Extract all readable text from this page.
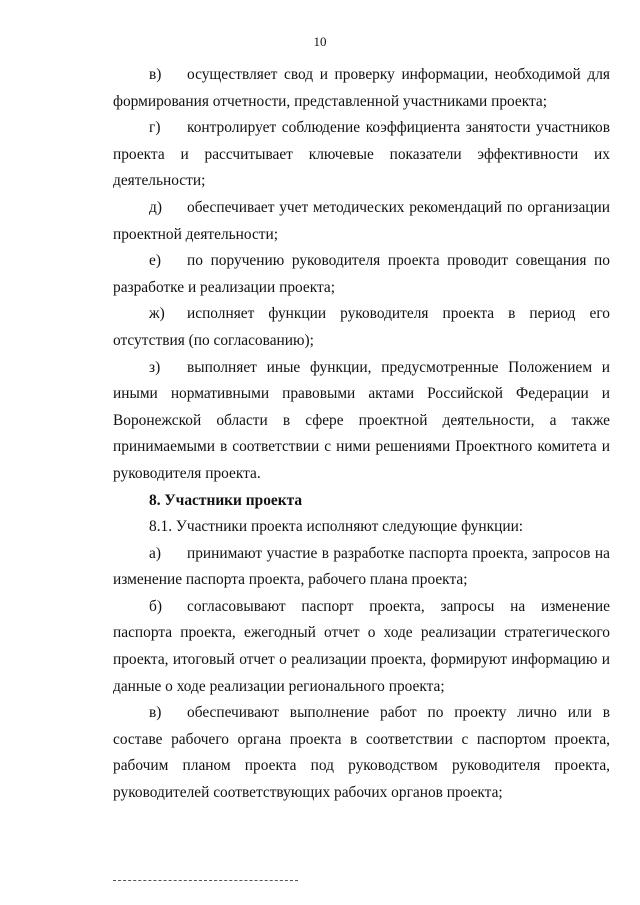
10

в) осуществляет свод и проверку информации, необходимой для формирования отчетности, представленной участниками проекта;

г) контролирует соблюдение коэффициента занятости участников проекта и рассчитывает ключевые показатели эффективности их деятельности;

д) обеспечивает учет методических рекомендаций по организации проектной деятельности;

е) по поручению руководителя проекта проводит совещания по разработке и реализации проекта;

ж) исполняет функции руководителя проекта в период его отсутствия (по согласованию);

з) выполняет иные функции, предусмотренные Положением и иными нормативными правовыми актами Российской Федерации и Воронежской области в сфере проектной деятельности, а также принимаемыми в соответствии с ними решениями Проектного комитета и руководителя проекта.

8. Участники проекта

8.1. Участники проекта исполняют следующие функции:

а) принимают участие в разработке паспорта проекта, запросов на изменение паспорта проекта, рабочего плана проекта;

б) согласовывают паспорт проекта, запросы на изменение паспорта проекта, ежегодный отчет о ходе реализации стратегического проекта, итоговый отчет о реализации проекта, формируют информацию и данные о ходе реализации регионального проекта;

в) обеспечивают выполнение работ по проекту лично или в составе рабочего органа проекта в соответствии с паспортом проекта, рабочим планом проекта под руководством руководителя проекта, руководителей соответствующих рабочих органов проекта;
